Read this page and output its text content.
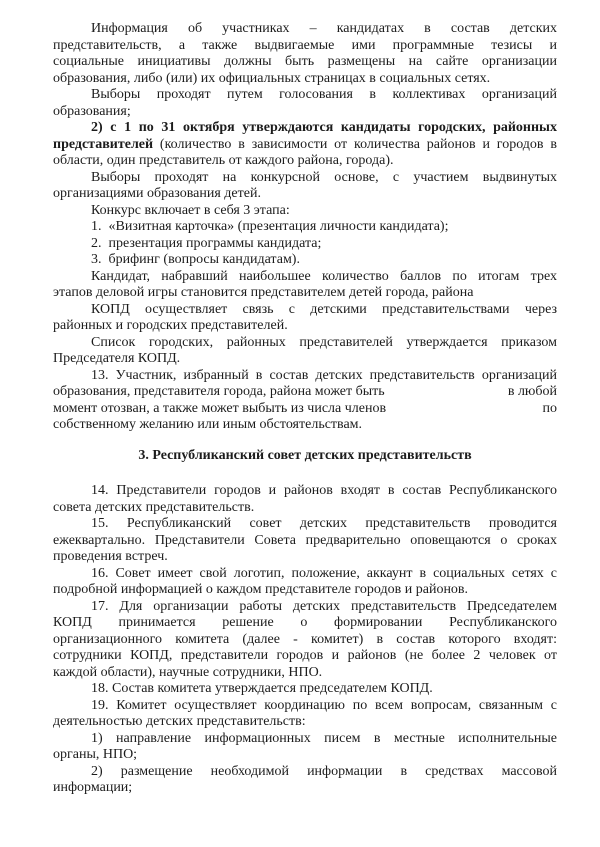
Информация об участниках – кандидатах в состав детских
представительств, а также выдвигаемые ими программные тезисы и
социальные инициативы должны быть размещены на сайте организации
образования, либо (или) их официальных страницах в социальных сетях.
Выборы проходят путем голосования в коллективах организаций
образования;
2) с 1 по 31 октября утверждаются кандидаты городских, районных
представителей (количество в зависимости от количества районов и городов в
области, один представитель от каждого района, города).
Выборы проходят на конкурсной основе, с участием выдвинутых
организациями образования детей.
Конкурс включает в себя 3 этапа:
1. «Визитная карточка» (презентация личности кандидата);
2. презентация программы кандидата;
3. брифинг (вопросы кандидатам).
Кандидат, набравший наибольшее количество баллов по итогам трех
этапов деловой игры становится представителем детей города, района
КОПД осуществляет связь с детскими представительствами через
районных и городских представителей.
Список городских, районных представителей утверждается приказом
Председателя КОПД.
13. Участник, избранный в состав детских представительств организаций
образования, представителя города, района может быть	в любой
момент отозван, а также может выбыть из числа членов	по
собственному желанию или иным обстоятельствам.
3. Республиканский совет детских представительств
14. Представители городов и районов входят в состав Республиканского
совета детских представительств.
15. Республиканский совет детских представительств проводится
ежеквартально. Представители Совета предварительно оповещаются о сроках
проведения встреч.
16. Совет имеет свой логотип, положение, аккаунт в социальных сетях с
подробной информацией о каждом представителе городов и районов.
17. Для организации работы детских представительств Председателем
КОПД принимается решение о формировании Республиканского
организационного комитета (далее - комитет) в состав которого входят:
сотрудники КОПД, представители городов и районов (не более 2 человек от
каждой области), научные сотрудники, НПО.
18. Состав комитета утверждается председателем КОПД.
19. Комитет осуществляет координацию по всем вопросам, связанным с
деятельностью детских представительств:
1) направление информационных писем в местные исполнительные
органы, НПО;
2) размещение необходимой информации в средствах массовой
информации;
